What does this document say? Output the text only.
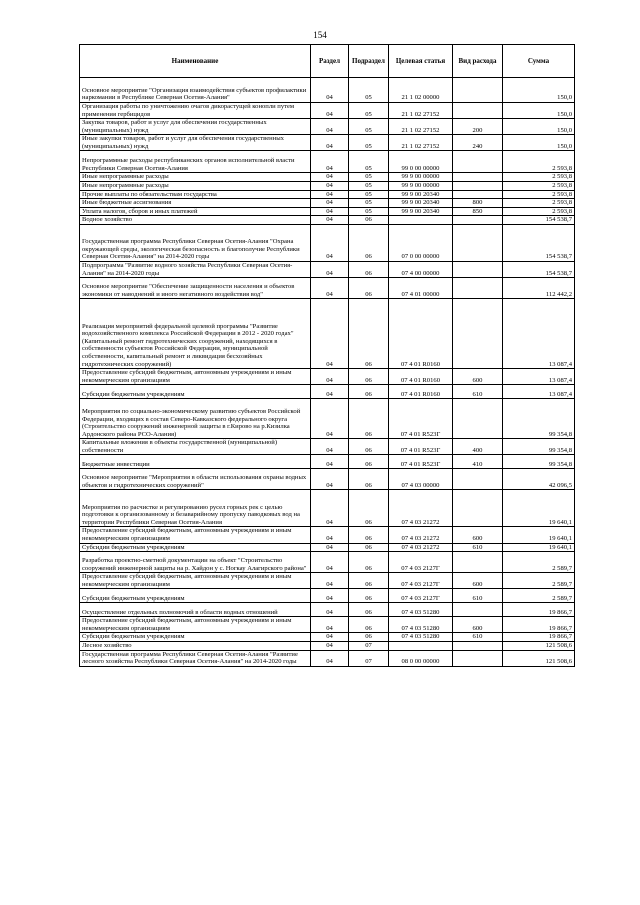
154
Наименование	Раздел	Подраздел	Целевая статья	Вид расхода	Сумма
Основное мероприятие "Организация взаимодействия субъектов профилактики наркомании в Республике Северная Осетия-Алания"	04	05	21 1 02 00000		150,0
Организация работы по уничтожению очагов дикорастущей конопли путем применения гербицидов	04	05	21 1 02 27152		150,0
Закупка товаров, работ и услуг для обеспечения государственных (муниципальных) нужд	04	05	21 1 02 27152	200	150,0
Иные закупки товаров, работ и услуг для обеспечения государственных (муниципальных) нужд	04	05	21 1 02 27152	240	150,0
Непрограммные расходы республиканских органов исполнительной власти Республики Северная Осетия-Алания	04	05	99 0 00 00000		2 593,8
Иные непрограммные расходы	04	05	99 9 00 00000		2 593,8
Иные непрограммные расходы	04	05	99 9 00 00000		2 593,8
Прочие выплаты по обязательствам государства	04	05	99 9 00 20340		2 593,8
Иные бюджетные ассигнования	04	05	99 9 00 20340	800	2 593,8
Уплата налогов, сборов и иных платежей	04	05	99 9 00 20340	850	2 593,8
Водное хозяйство	04	06			154 538,7
Государственная программа Республики Северная Осетия-Алания "Охрана окружающей среды, экологическая безопасность и благополучие Республики Северная Осетия-Алания" на 2014-2020 годы	04	06	07 0 00 00000		154 538,7
Подпрограмма "Развитие водного хозяйства Республики Северная Осетия-Алания" на 2014-2020 годы	04	06	07 4 00 00000		154 538,7
Основное мероприятие "Обеспечение защищенности населения и объектов экономики от наводнений и иного негативного воздействия вод"	04	06	07 4 01 00000		112 442,2
Реализация мероприятий федеральной целевой программы "Развитие водохозяйственного комплекса Российской Федерации в 2012 - 2020 годах" (Капитальный ремонт гидротехнических сооружений, находящихся в собственности субъектов Российской Федерации, муниципальной собственности, капитальный ремонт и ликвидация бесхозяйных гидротехнических сооружений)	04	06	07 4 01 R0160		13 087,4
Предоставление субсидий бюджетным, автономным учреждениям и иным некоммерческим организациям	04	06	07 4 01 R0160	600	13 087,4
Субсидии бюджетным учреждениям	04	06	07 4 01 R0160	610	13 087,4
Мероприятия по социально-экономическому развитию субъектов Российской Федерации, входящих в состав Северо-Кавказского федерального округа (Строительство сооружений инженерной защиты в г.Кирово на р.Кизилка Ардонского района РСО-Алания)	04	06	07 4 01 R523Г		99 354,8
Капитальные вложения в объекты государственной (муниципальной) собственности	04	06	07 4 01 R523Г	400	99 354,8
Бюджетные инвестиции	04	06	07 4 01 R523Г	410	99 354,8
Основное мероприятие "Мероприятия в области использования охраны водных объектов и гидротехнических сооружений"	04	06	07 4 03 00000		42 096,5
Мероприятия по расчистке и регулированию русел горных рек с целью подготовки к организованному и безаварийному пропуску паводковых вод на территории Республики Северная Осетия-Алания	04	06	07 4 03 21272		19 640,1
Предоставление субсидий бюджетным, автономным учреждениям и иным некоммерческим организациям	04	06	07 4 03 21272	600	19 640,1
Субсидии бюджетным учреждениям	04	06	07 4 03 21272	610	19 640,1
Разработка проектно-сметной документации на объект "Строительство сооружений инженерной защиты на р. Хайдон у с. Ногкау Алагирского района"	04	06	07 4 03 2127Г		2 589,7
Предоставление субсидий бюджетным, автономным учреждениям и иным некоммерческим организациям	04	06	07 4 03 2127Г	600	2 589,7
Субсидии бюджетным учреждениям	04	06	07 4 03 2127Г	610	2 589,7
Осуществление отдельных полномочий в области водных отношений	04	06	07 4 03 51280		19 866,7
Предоставление субсидий бюджетным, автономным учреждениям и иным некоммерческим организациям	04	06	07 4 03 51280	600	19 866,7
Субсидии бюджетным учреждениям	04	06	07 4 03 51280	610	19 866,7
Лесное хозяйство	04	07			121 508,6
Государственная программа Республики Северная Осетия-Алания "Развитие лесного хозяйства Республики Северная Осетия-Алания" на 2014-2020 годы	04	07	08 0 00 00000		121 508,6
